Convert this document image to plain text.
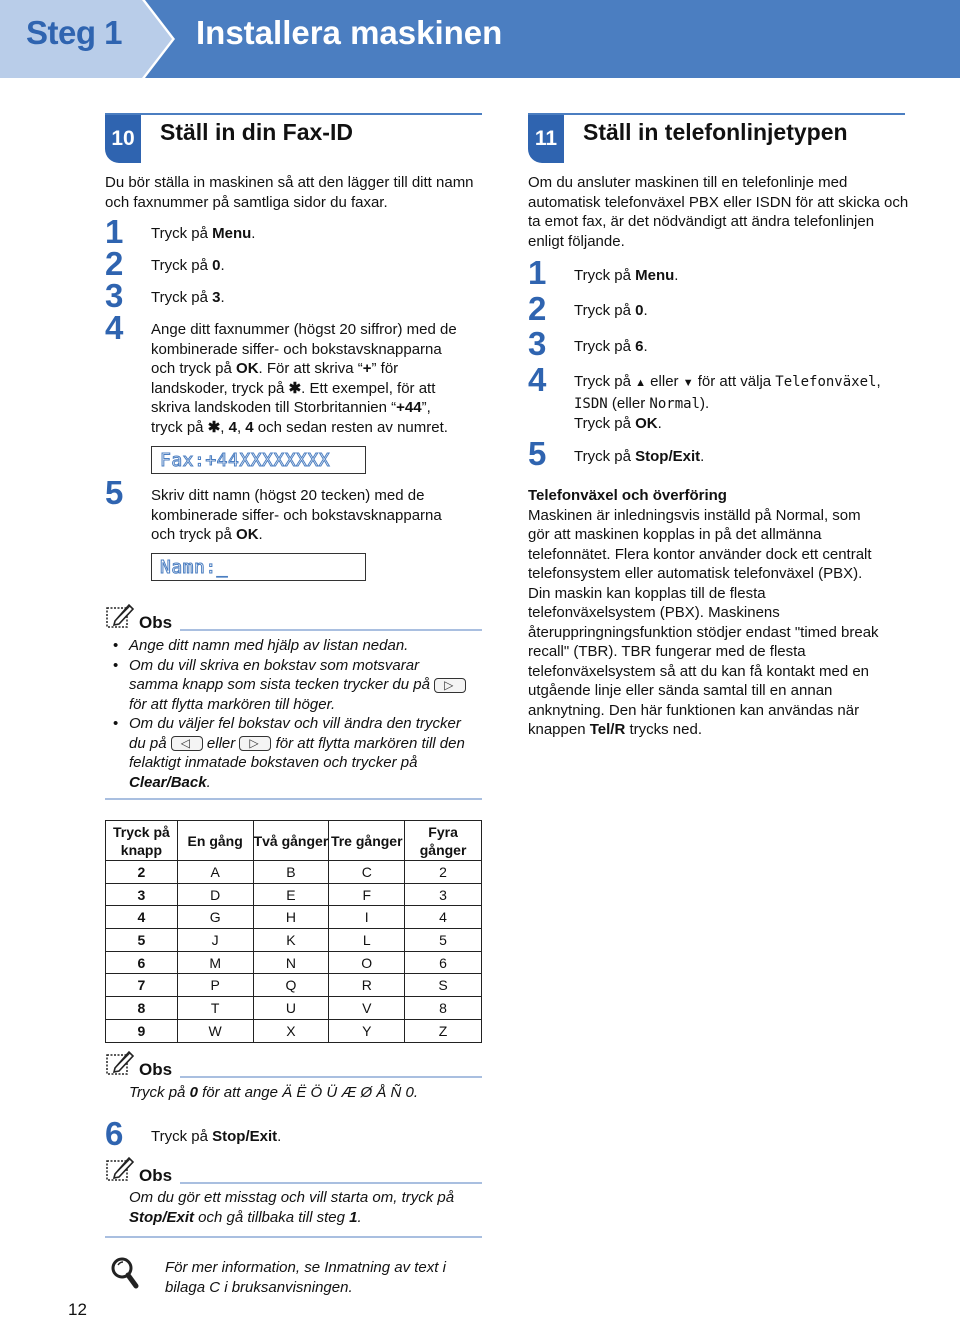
Steg 1 Installera maskinen
10 Ställ in din Fax-ID
Du bör ställa in maskinen så att den lägger till ditt namn och faxnummer på samtliga sidor du faxar.
1 Tryck på Menu.
2 Tryck på 0.
3 Tryck på 3.
4 Ange ditt faxnummer (högst 20 siffror) med de
kombinerade siffer- och bokstavsknapparna
och tryck på OK. För att skriva “+” för
landskoder, tryck på ✱. Ett exempel, för att
skriva landskoden till Storbritannien “+44”,
tryck på ✱, 4, 4 och sedan resten av numret.
Fax:+44XXXXXXXX
5 Skriv ditt namn (högst 20 tecken) med de
kombinerade siffer- och bokstavsknapparna
och tryck på OK.
Namn:_
Obs
• Ange ditt namn med hjälp av listan nedan.
• Om du vill skriva en bokstav som motsvarar
samma knapp som sista tecken trycker du på ▷
för att flytta markören till höger.
• Om du väljer fel bokstav och vill ändra den trycker
du på ◁ eller ▷ för att flytta markören till den
felaktigt inmatade bokstaven och trycker på
Clear/Back.
Tryck på knapp	En gång	Två gånger	Tre gånger	Fyra gånger
2	A	B	C	2
3	D	E	F	3
4	G	H	I	4
5	J	K	L	5
6	M	N	O	6
7	P	Q	R	S
8	T	U	V	8
9	W	X	Y	Z
Obs
Tryck på 0 för att ange Ä Ë Ö Ü Æ Ø Å Ñ 0.
6 Tryck på Stop/Exit.
Obs
Om du gör ett misstag och vill starta om, tryck på
Stop/Exit och gå tillbaka till steg 1.
För mer information, se Inmatning av text i
bilaga C i bruksanvisningen.
12
11	Ställ in telefonlinjetypen
Om du ansluter maskinen till en telefonlinje med automatisk telefonväxel PBX eller ISDN för att skicka och ta emot fax, är det nödvändigt att ändra telefonlinjen enligt följande.
1 Tryck på Menu.
2 Tryck på 0.
3 Tryck på 6.
4 Tryck på ▲ eller ▼ för att välja Telefonväxel,
ISDN (eller Normal).
Tryck på OK.
5 Tryck på Stop/Exit.
Telefonväxel och överföring
Maskinen är inledningsvis inställd på Normal, som
gör att maskinen kopplas in på det allmänna
telefonnätet. Flera kontor använder dock ett centralt
telefonsystem eller automatisk telefonväxel (PBX).
Din maskin kan kopplas till de flesta
telefonväxelsystem (PBX). Maskinens
återuppringningsfunktion stödjer endast "timed break
recall" (TBR). TBR fungerar med de flesta
telefonväxelsystem så att du kan få kontakt med en
utgående linje eller sända samtal till en annan
anknytning. Den här funktionen kan användas när
knappen Tel/R trycks ned.
